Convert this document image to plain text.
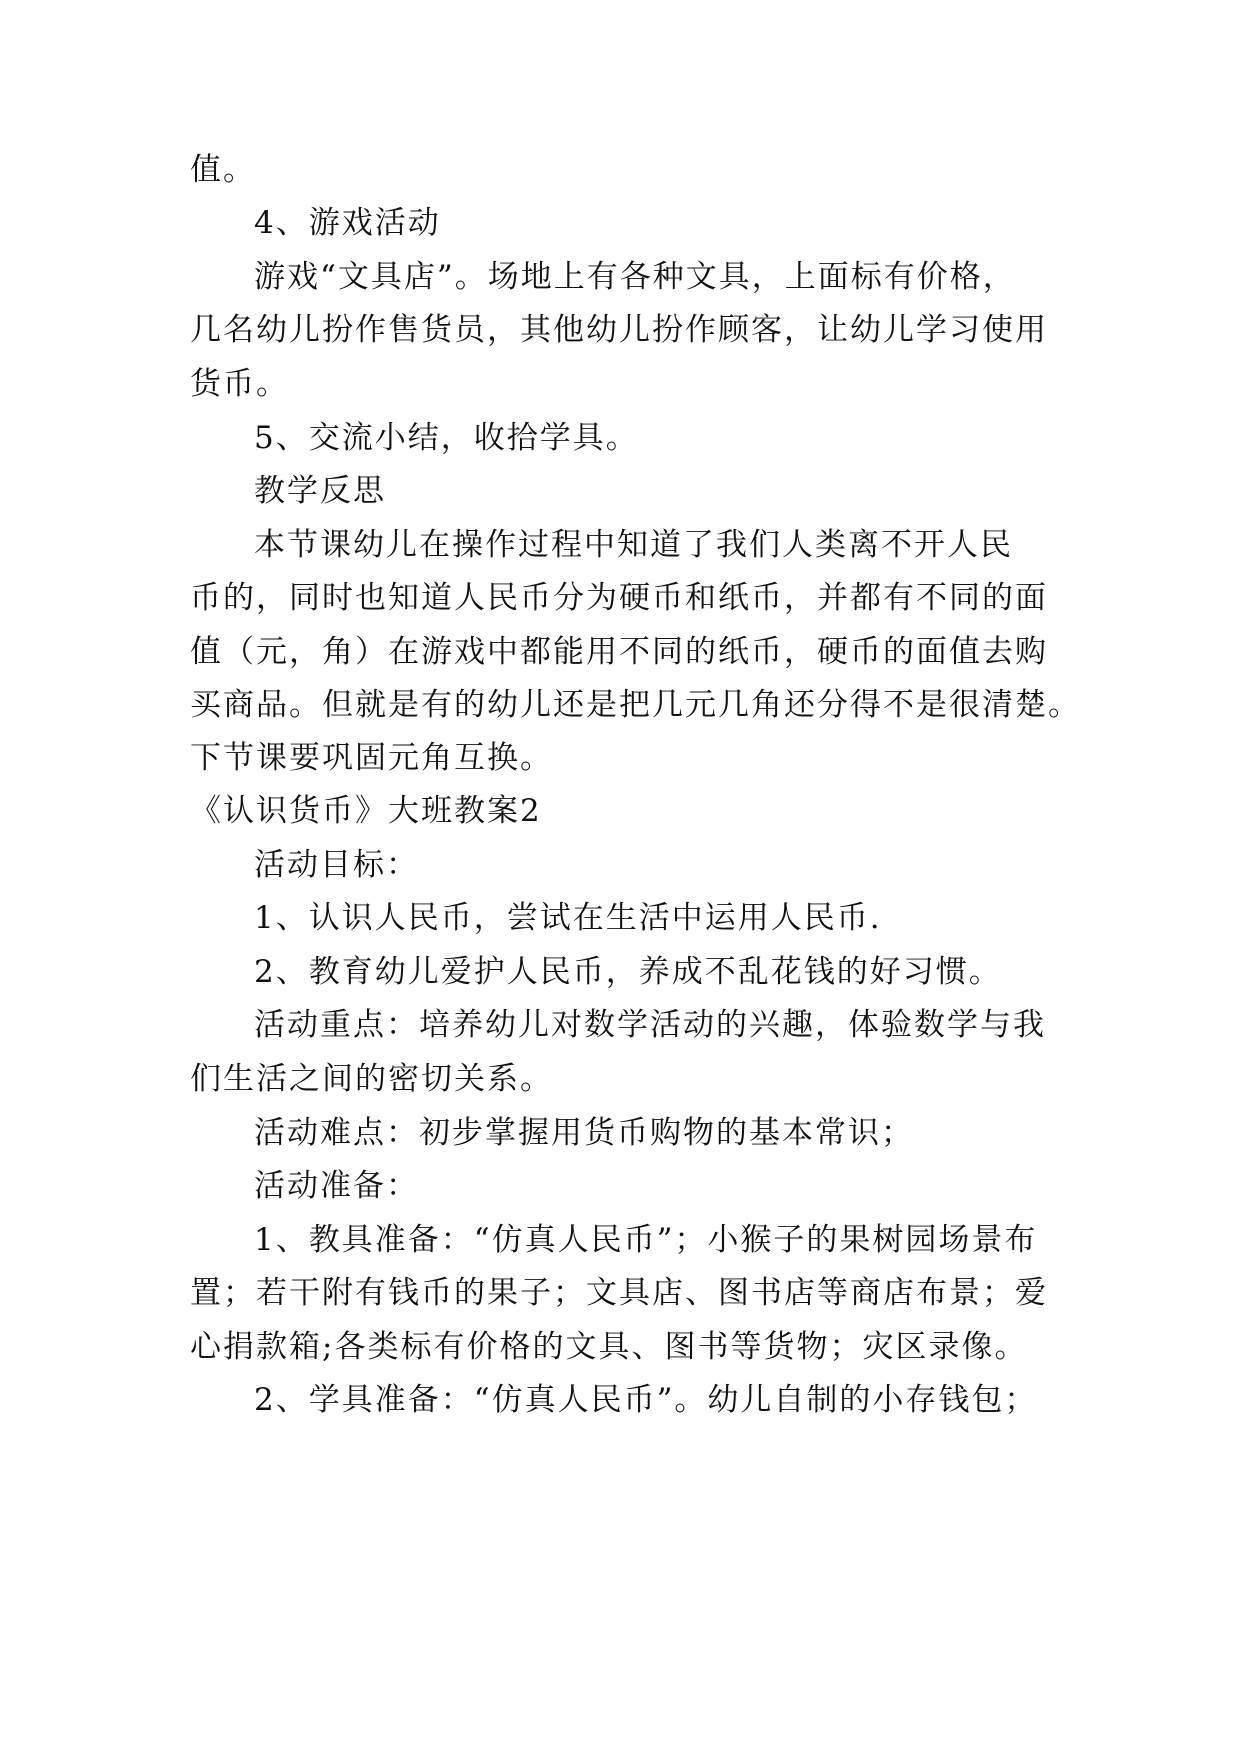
值。
4、游戏活动
游戏“文具店”。场地上有各种文具，上面标有价格，
几名幼儿扮作售货员，其他幼儿扮作顾客，让幼儿学习使用
货币。
5、交流小结，收拾学具。
教学反思
本节课幼儿在操作过程中知道了我们人类离不开人民
币的，同时也知道人民币分为硬币和纸币，并都有不同的面
值（元，角）在游戏中都能用不同的纸币，硬币的面值去购
买商品。但就是有的幼儿还是把几元几角还分得不是很清楚。
下节课要巩固元角互换。
《认识货币》大班教案2
活动目标：
1、认识人民币，尝试在生活中运用人民币.
2、教育幼儿爱护人民币，养成不乱花钱的好习惯。
活动重点：培养幼儿对数学活动的兴趣，体验数学与我
们生活之间的密切关系。
活动难点：初步掌握用货币购物的基本常识；
活动准备：
1、教具准备：“仿真人民币”；小猴子的果树园场景布
置；若干附有钱币的果子；文具店、图书店等商店布景；爱
心捐款箱;各类标有价格的文具、图书等货物；灾区录像。
2、学具准备：“仿真人民币”。幼儿自制的小存钱包；
